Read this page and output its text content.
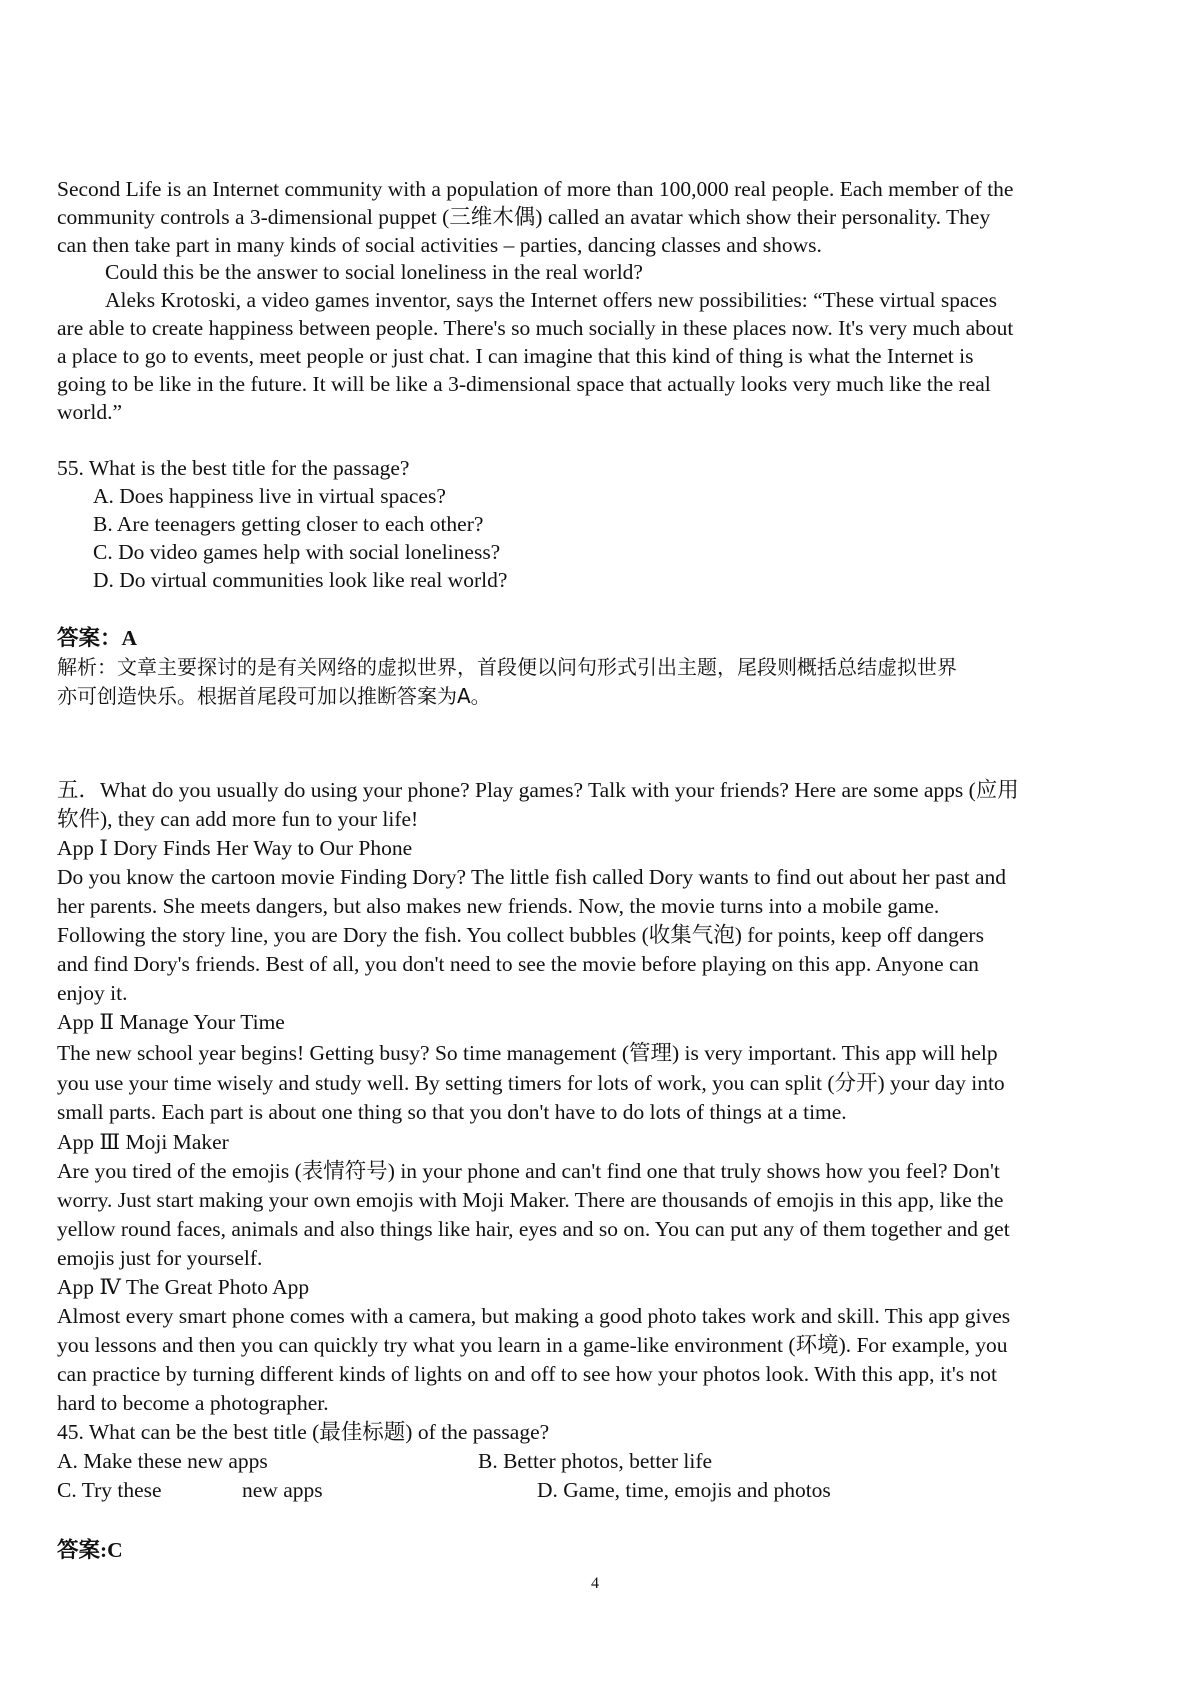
Second Life is an Internet community with a population of more than 100,000 real people. Each member of the
community controls a 3-dimensional puppet (三维木偶) called an avatar which show their personality. They
can then take part in many kinds of social activities – parties, dancing classes and shows.
Could this be the answer to social loneliness in the real world?
Aleks Krotoski, a video games inventor, says the Internet offers new possibilities: “These virtual spaces
are able to create happiness between people. There's so much socially in these places now. It's very much about
a place to go to events, meet people or just chat. I can imagine that this kind of thing is what the Internet is
going to be like in the future. It will be like a 3-dimensional space that actually looks very much like the real
world.”
55. What is the best title for the passage?
A. Does happiness live in virtual spaces?
B. Are teenagers getting closer to each other?
C. Do video games help with social loneliness?
D. Do virtual communities look like real world?
答案：A
解析：文章主要探讨的是有关网络的虚拟世界，首段便以问句形式引出主题，尾段则概括总结虚拟世界
亦可创造快乐。根据首尾段可加以推断答案为A。
五．What do you usually do using your phone? Play games? Talk with your friends? Here are some apps (应用
软件), they can add more fun to your life!
App Ⅰ Dory Finds Her Way to Our Phone
Do you know the cartoon movie Finding Dory? The little fish called Dory wants to find out about her past and
her parents. She meets dangers, but also makes new friends. Now, the movie turns into a mobile game.
Following the story line, you are Dory the fish. You collect bubbles (收集气泡) for points, keep off dangers
and find Dory's friends. Best of all, you don't need to see the movie before playing on this app. Anyone can
enjoy it.
App Ⅱ Manage Your Time
The new school year begins! Getting busy? So time management (管理) is very important. This app will help
you use your time wisely and study well. By setting timers for lots of work, you can split (分开) your day into
small parts. Each part is about one thing so that you don't have to do lots of things at a time.
App Ⅲ Moji Maker
Are you tired of the emojis (表情符号) in your phone and can't find one that truly shows how you feel? Don't
worry. Just start making your own emojis with Moji Maker. There are thousands of emojis in this app, like the
yellow round faces, animals and also things like hair, eyes and so on. You can put any of them together and get
emojis just for yourself.
App Ⅳ The Great Photo App
Almost every smart phone comes with a camera, but making a good photo takes work and skill. This app gives
you lessons and then you can quickly try what you learn in a game-like environment (环境). For example, you
can practice by turning different kinds of lights on and off to see how your photos look. With this app, it's not
hard to become a photographer.
45. What can be the best title (最佳标题) of the passage?
A. Make these new apps	B. Better photos, better life
C. Try these	new apps	D. Game, time, emojis and photos
答案:C
4
